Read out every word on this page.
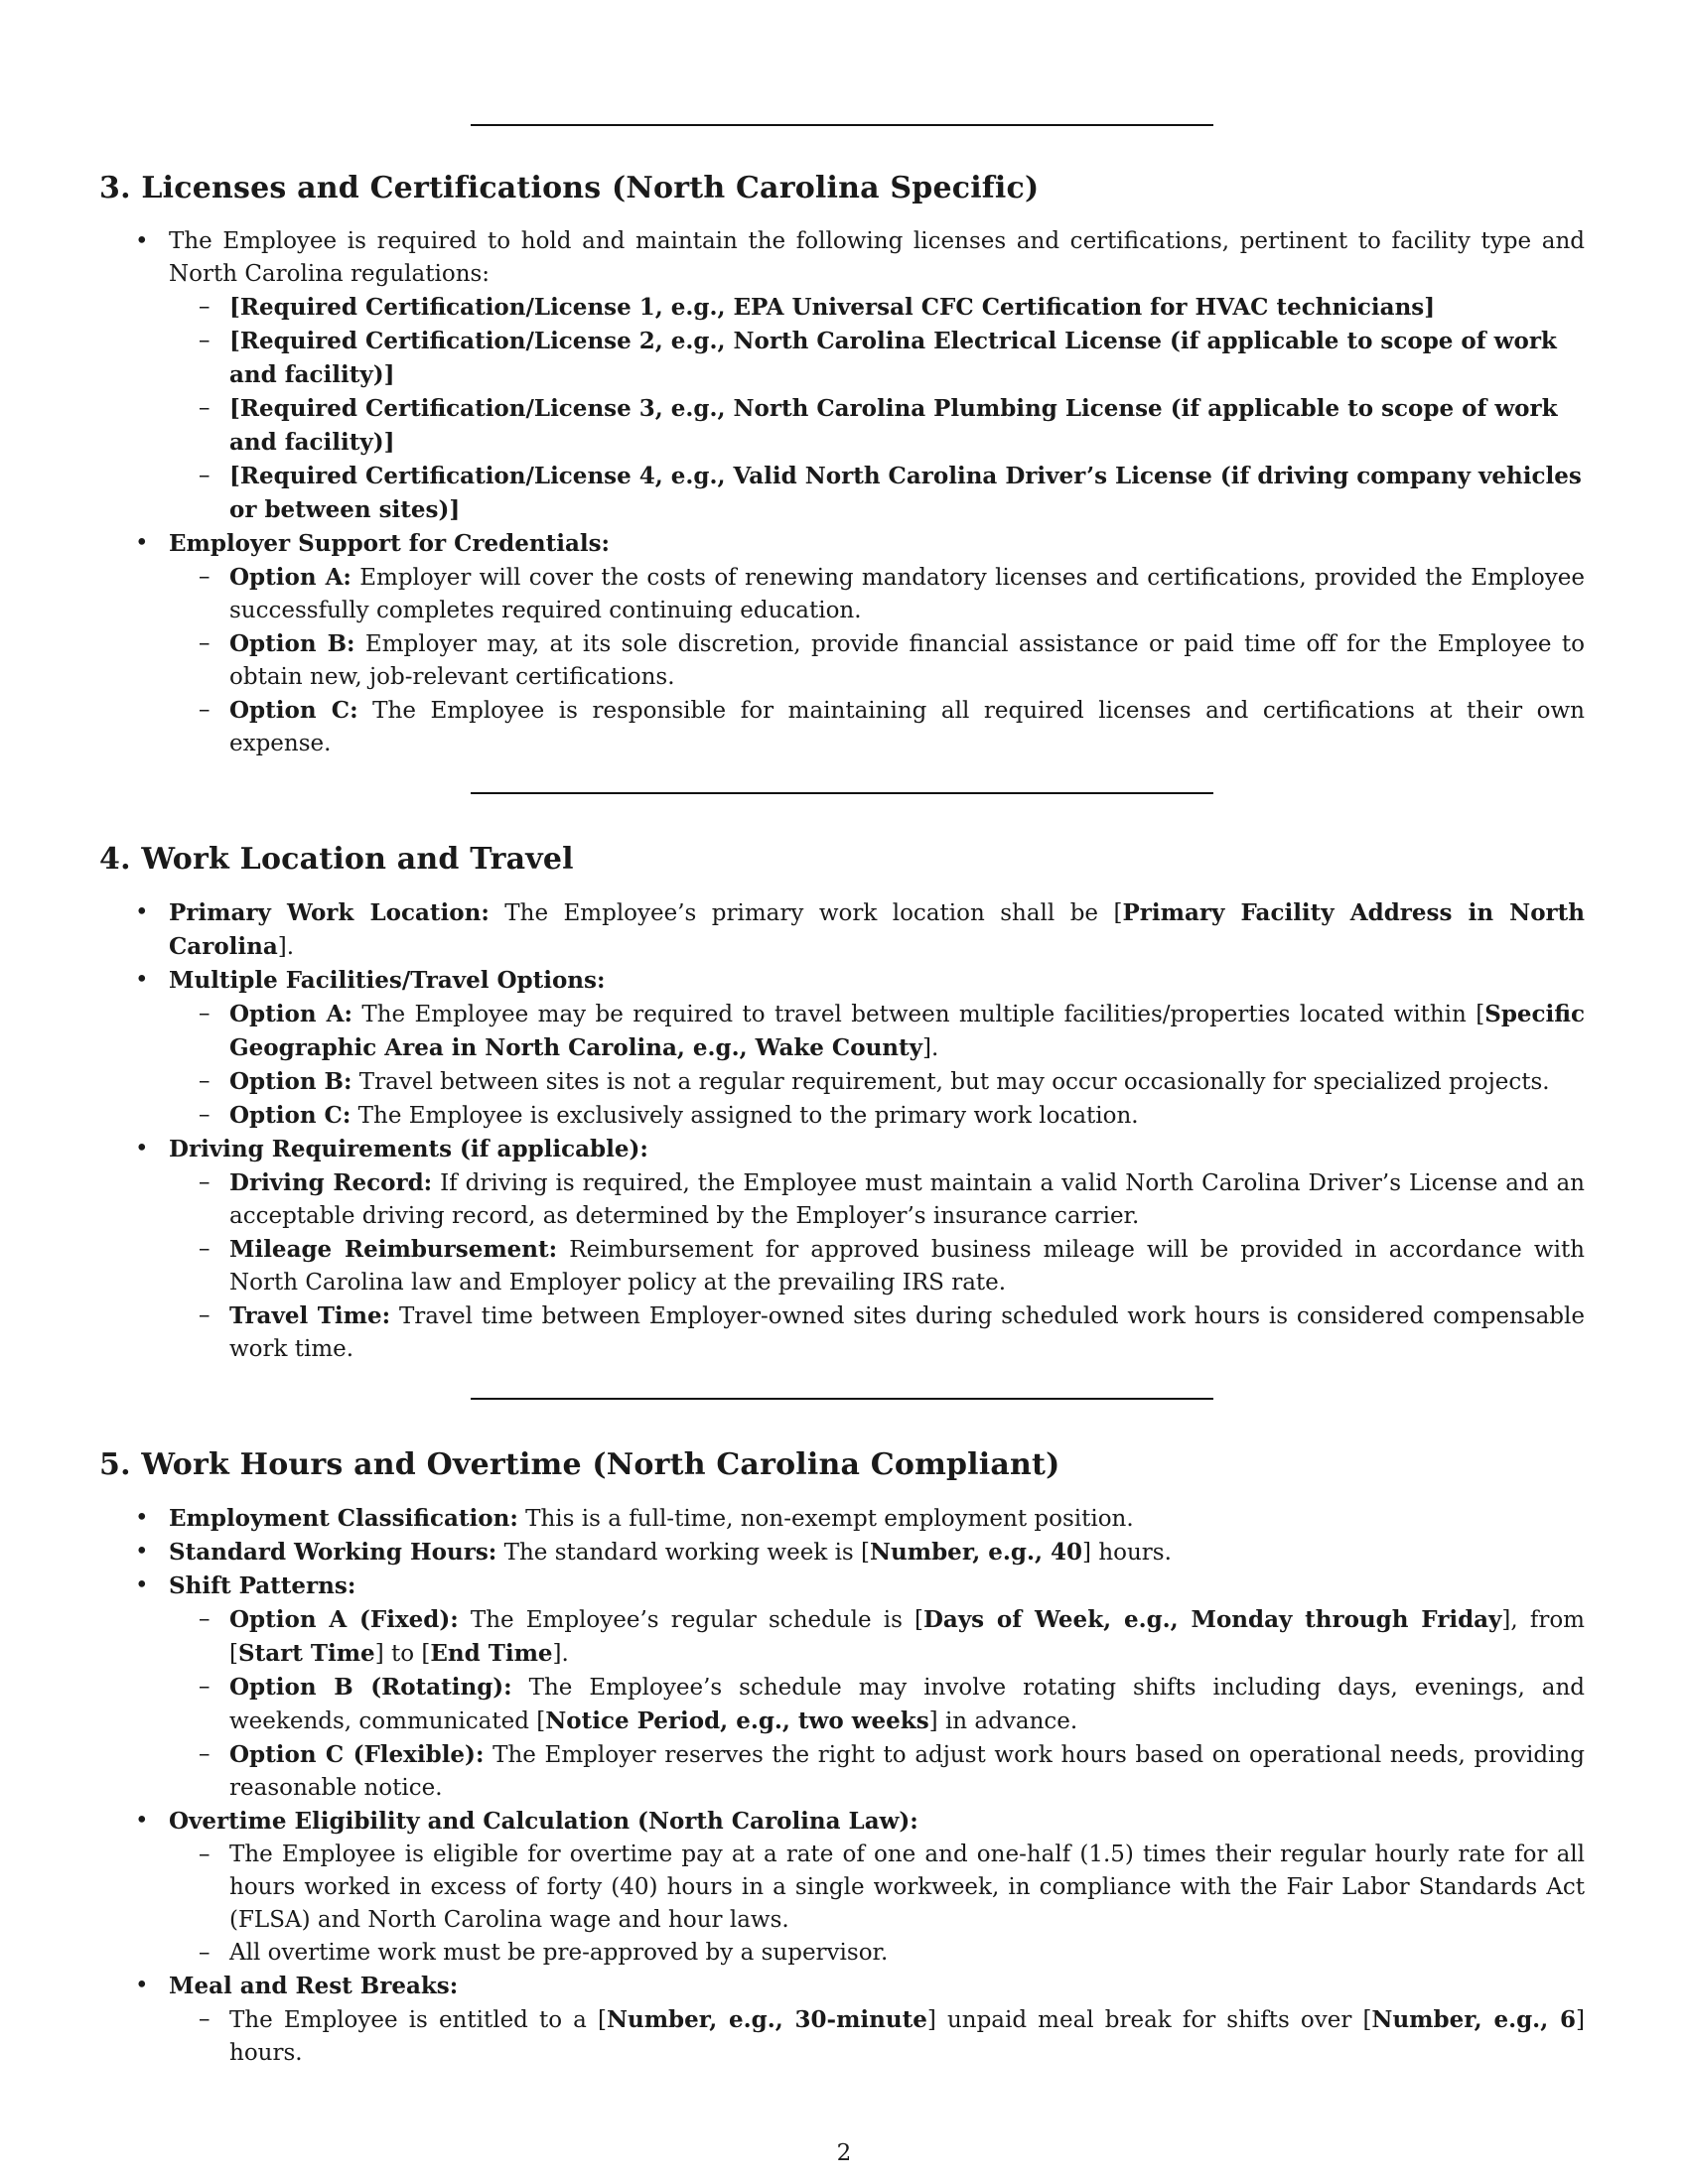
3. Licenses and Certifications (North Carolina Specific)
• The Employee is required to hold and maintain the following licenses and certifications, pertinent to facility type and North Carolina regulations:
– [Required Certification/License 1, e.g., EPA Universal CFC Certification for HVAC technicians]
– [Required Certification/License 2, e.g., North Carolina Electrical License (if applicable to scope of work and facility)]
– [Required Certification/License 3, e.g., North Carolina Plumbing License (if applicable to scope of work and facility)]
– [Required Certification/License 4, e.g., Valid North Carolina Driver’s License (if driving company vehicles or between sites)]
• Employer Support for Credentials:
– Option A: Employer will cover the costs of renewing mandatory licenses and certifications, provided the Employee successfully completes required continuing education.
– Option B: Employer may, at its sole discretion, provide financial assistance or paid time off for the Employee to obtain new, job-relevant certifications.
– Option C: The Employee is responsible for maintaining all required licenses and certifications at their own expense.
4. Work Location and Travel
• Primary Work Location: The Employee’s primary work location shall be [Primary Facility Address in North Carolina].
• Multiple Facilities/Travel Options:
– Option A: The Employee may be required to travel between multiple facilities/properties located within [Specific Geographic Area in North Carolina, e.g., Wake County].
– Option B: Travel between sites is not a regular requirement, but may occur occasionally for specialized projects.
– Option C: The Employee is exclusively assigned to the primary work location.
• Driving Requirements (if applicable):
– Driving Record: If driving is required, the Employee must maintain a valid North Carolina Driver’s License and an acceptable driving record, as determined by the Employer’s insurance carrier.
– Mileage Reimbursement: Reimbursement for approved business mileage will be provided in accordance with North Carolina law and Employer policy at the prevailing IRS rate.
– Travel Time: Travel time between Employer-owned sites during scheduled work hours is considered compensable work time.
5. Work Hours and Overtime (North Carolina Compliant)
• Employment Classification: This is a full-time, non-exempt employment position.
• Standard Working Hours: The standard working week is [Number, e.g., 40] hours.
• Shift Patterns:
– Option A (Fixed): The Employee’s regular schedule is [Days of Week, e.g., Monday through Friday], from [Start Time] to [End Time].
– Option B (Rotating): The Employee’s schedule may involve rotating shifts including days, evenings, and weekends, communicated [Notice Period, e.g., two weeks] in advance.
– Option C (Flexible): The Employer reserves the right to adjust work hours based on operational needs, providing reasonable notice.
• Overtime Eligibility and Calculation (North Carolina Law):
– The Employee is eligible for overtime pay at a rate of one and one-half (1.5) times their regular hourly rate for all hours worked in excess of forty (40) hours in a single workweek, in compliance with the Fair Labor Standards Act (FLSA) and North Carolina wage and hour laws.
– All overtime work must be pre-approved by a supervisor.
• Meal and Rest Breaks:
– The Employee is entitled to a [Number, e.g., 30-minute] unpaid meal break for shifts over [Number, e.g., 6] hours.
2
